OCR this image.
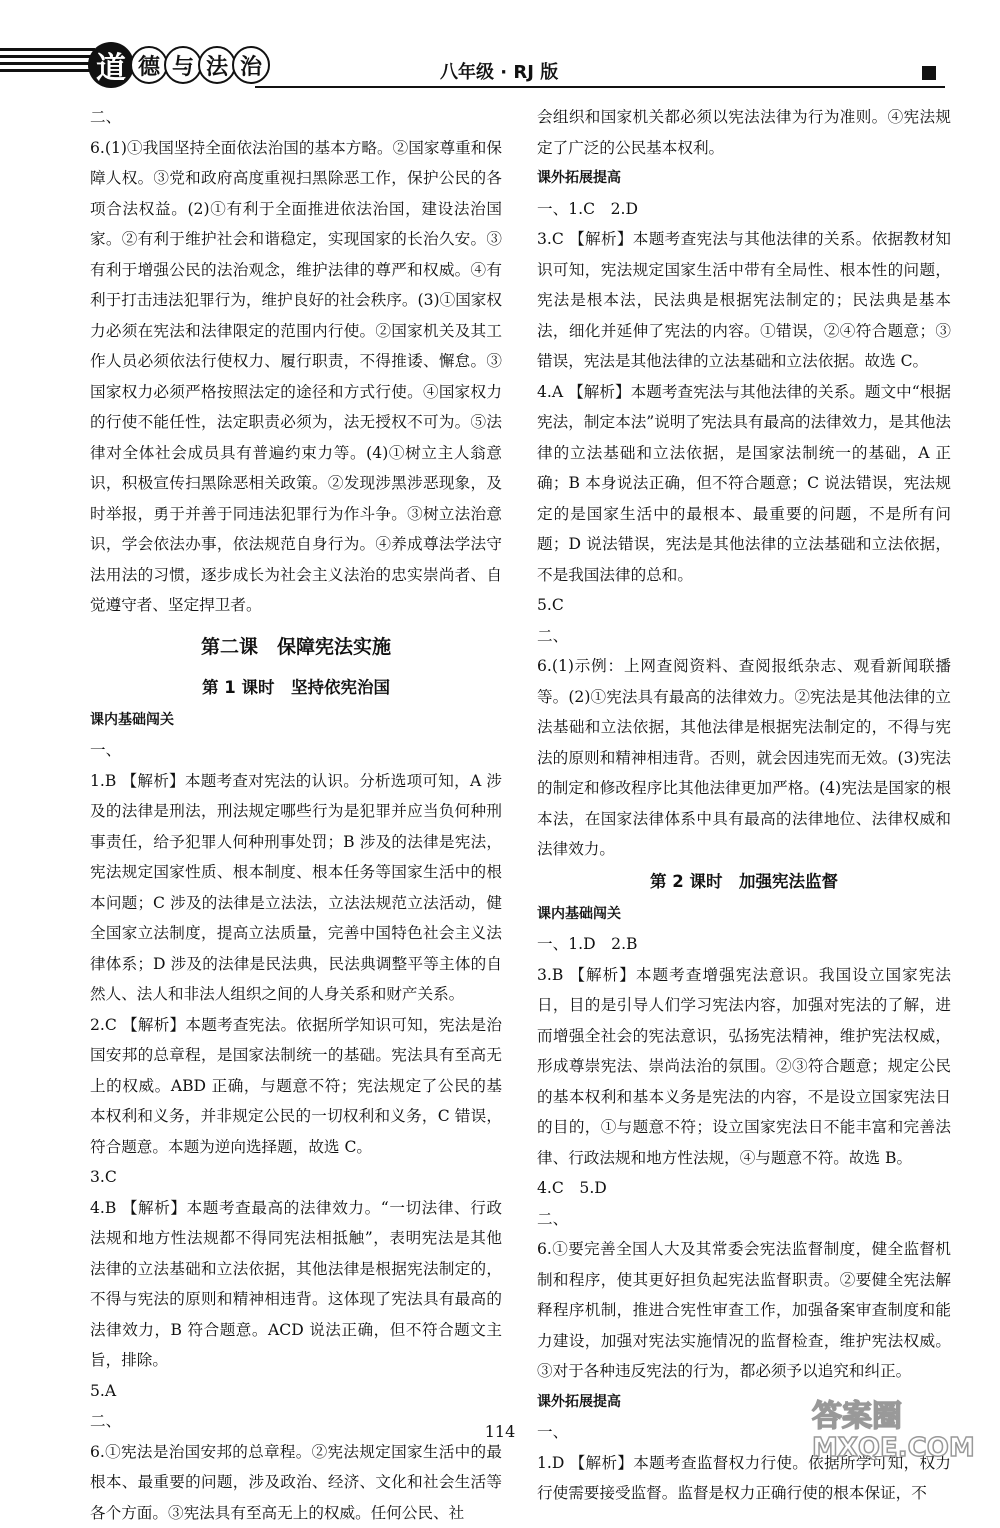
道 德 与 法 治	八年级 · RJ 版
二、
6.(1)①我国坚持全面依法治国的基本方略。②国家尊重和保障人权。③党和政府高度重视扫黑除恶工作，保护公民的各项合法权益。(2)①有利于全面推进依法治国，建设法治国家。②有利于维护社会和谐稳定，实现国家的长治久安。③有利于增强公民的法治观念，维护法律的尊严和权威。④有利于打击违法犯罪行为，维护良好的社会秩序。(3)①国家权力必须在宪法和法律限定的范围内行使。②国家机关及其工作人员必须依法行使权力、履行职责，不得推诿、懈怠。③国家权力必须严格按照法定的途径和方式行使。④国家权力的行使不能任性，法定职责必须为，法无授权不可为。⑤法律对全体社会成员具有普遍约束力等。(4)①树立主人翁意识，积极宣传扫黑除恶相关政策。②发现涉黑涉恶现象，及时举报，勇于并善于同违法犯罪行为作斗争。③树立法治意识，学会依法办事，依法规范自身行为。④养成尊法学法守法用法的习惯，逐步成长为社会主义法治的忠实崇尚者、自觉遵守者、坚定捍卫者。
第二课　保障宪法实施
第 1 课时　坚持依宪治国
课内基础闯关
一、
1.B 【解析】本题考查对宪法的认识。分析选项可知，A 涉及的法律是刑法，刑法规定哪些行为是犯罪并应当负何种刑事责任，给予犯罪人何种刑事处罚；B 涉及的法律是宪法，宪法规定国家性质、根本制度、根本任务等国家生活中的根本问题；C 涉及的法律是立法法，立法法规范立法活动，健全国家立法制度，提高立法质量，完善中国特色社会主义法律体系；D 涉及的法律是民法典，民法典调整平等主体的自然人、法人和非法人组织之间的人身关系和财产关系。
2.C 【解析】本题考查宪法。依据所学知识可知，宪法是治国安邦的总章程，是国家法制统一的基础。宪法具有至高无上的权威。ABD 正确，与题意不符；宪法规定了公民的基本权利和义务，并非规定公民的一切权利和义务，C 错误，符合题意。本题为逆向选择题，故选 C。
3.C
4.B 【解析】本题考查最高的法律效力。“一切法律、行政法规和地方性法规都不得同宪法相抵触”，表明宪法是其他法律的立法基础和立法依据，其他法律是根据宪法制定的，不得与宪法的原则和精神相违背。这体现了宪法具有最高的法律效力，B 符合题意。ACD 说法正确，但不符合题文主旨，排除。
5.A
二、
6.①宪法是治国安邦的总章程。②宪法规定国家生活中的最根本、最重要的问题，涉及政治、经济、文化和社会生活等各个方面。③宪法具有至高无上的权威。任何公民、社
会组织和国家机关都必须以宪法法律为行为准则。④宪法规定了广泛的公民基本权利。
课外拓展提高
一、1.C　2.D
3.C 【解析】本题考查宪法与其他法律的关系。依据教材知识可知，宪法规定国家生活中带有全局性、根本性的问题，宪法是根本法，民法典是根据宪法制定的；民法典是基本法，细化并延伸了宪法的内容。①错误，②④符合题意；③错误，宪法是其他法律的立法基础和立法依据。故选 C。
4.A 【解析】本题考查宪法与其他法律的关系。题文中“根据宪法，制定本法”说明了宪法具有最高的法律效力，是其他法律的立法基础和立法依据，是国家法制统一的基础，A 正确；B 本身说法正确，但不符合题意；C 说法错误，宪法规定的是国家生活中的最根本、最重要的问题，不是所有问题；D 说法错误，宪法是其他法律的立法基础和立法依据，不是我国法律的总和。
5.C
二、
6.(1)示例：上网查阅资料、查阅报纸杂志、观看新闻联播等。(2)①宪法具有最高的法律效力。②宪法是其他法律的立法基础和立法依据，其他法律是根据宪法制定的，不得与宪法的原则和精神相违背。否则，就会因违宪而无效。(3)宪法的制定和修改程序比其他法律更加严格。(4)宪法是国家的根本法，在国家法律体系中具有最高的法律地位、法律权威和法律效力。
第 2 课时　加强宪法监督
课内基础闯关
一、1.D　2.B
3.B 【解析】本题考查增强宪法意识。我国设立国家宪法日，目的是引导人们学习宪法内容，加强对宪法的了解，进而增强全社会的宪法意识，弘扬宪法精神，维护宪法权威，形成尊崇宪法、崇尚法治的氛围。②③符合题意；规定公民的基本权利和基本义务是宪法的内容，不是设立国家宪法日的目的，①与题意不符；设立国家宪法日不能丰富和完善法律、行政法规和地方性法规，④与题意不符。故选 B。
4.C　5.D
二、
6.①要完善全国人大及其常委会宪法监督制度，健全监督机制和程序，使其更好担负起宪法监督职责。②要健全宪法解释程序机制，推进合宪性审查工作，加强备案审查制度和能力建设，加强对宪法实施情况的监督检查，维护宪法权威。③对于各种违反宪法的行为，都必须予以追究和纠正。
课外拓展提高
一、
1.D 【解析】本题考查监督权力行使。依据所学可知，权力行使需要接受监督。监督是权力正确行使的根本保证，不
114	答案圈
MXQE.COM
